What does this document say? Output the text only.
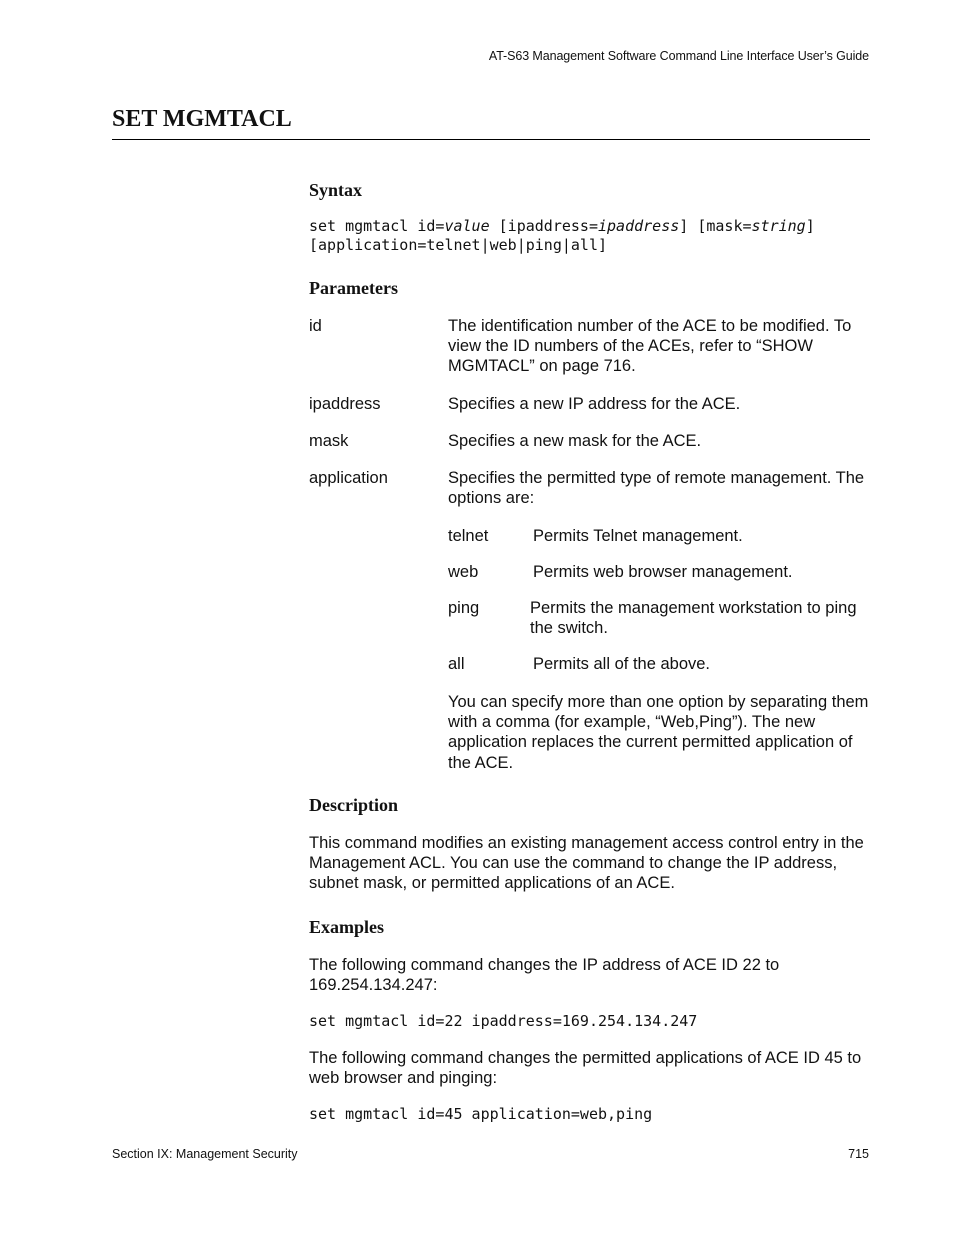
AT-S63 Management Software Command Line Interface User’s Guide
SET MGMTACL
Syntax
set mgmtacl id=value [ipaddress=ipaddress] [mask=string]
[application=telnet|web|ping|all]
Parameters

id	The identification number of the ACE to be modified. To view the ID numbers of the ACEs, refer to “SHOW MGMTACL” on page 716.

ipaddress	Specifies a new IP address for the ACE.

mask	Specifies a new mask for the ACE.

application	Specifies the permitted type of remote management. The options are:

telnet	Permits Telnet management.

web	Permits web browser management.

ping	Permits the management workstation to ping the switch.

all	Permits all of the above.

You can specify more than one option by separating them with a comma (for example, “Web,Ping”). The new application replaces the current permitted application of the ACE.

Description

This command modifies an existing management access control entry in the Management ACL. You can use the command to change the IP address, subnet mask, or permitted applications of an ACE.

Examples

The following command changes the IP address of ACE ID 22 to 169.254.134.247:

set mgmtacl id=22 ipaddress=169.254.134.247

The following command changes the permitted applications of ACE ID 45 to web browser and pinging:

set mgmtacl id=45 application=web,ping
Section IX: Management Security	715
